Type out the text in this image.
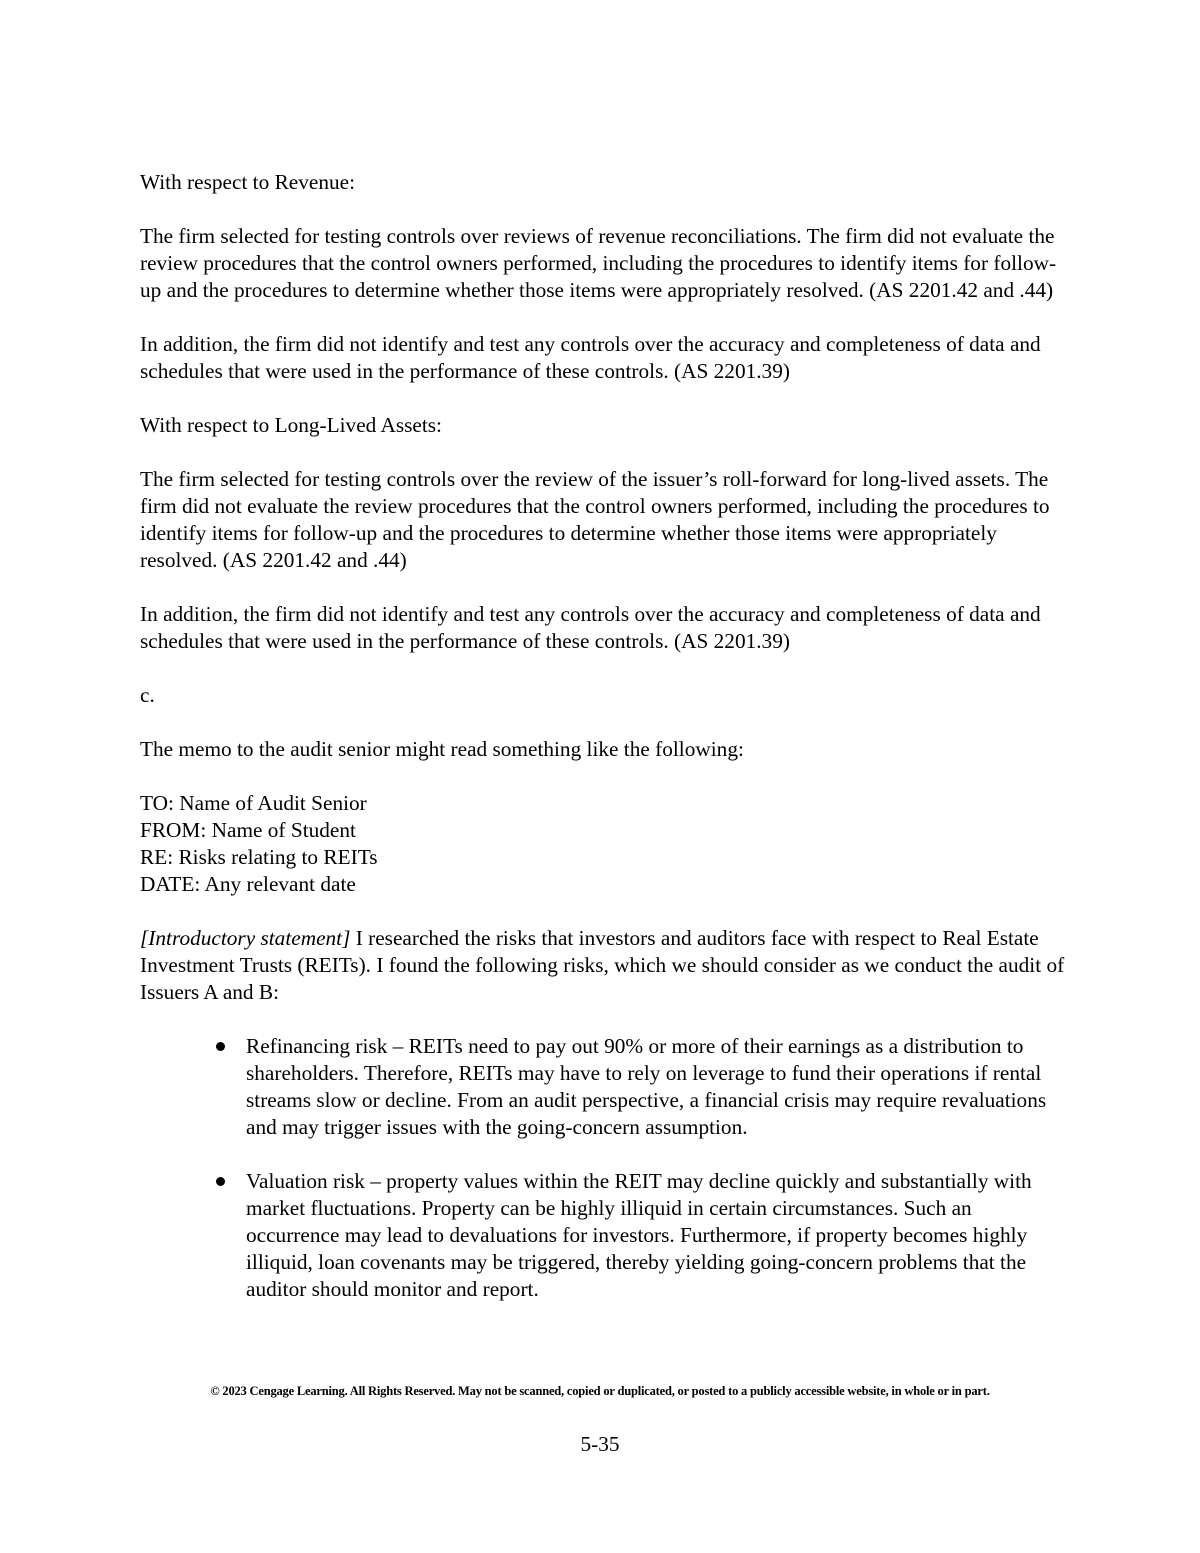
With respect to Revenue:

The firm selected for testing controls over reviews of revenue reconciliations. The firm did not evaluate the review procedures that the control owners performed, including the procedures to identify items for follow-up and the procedures to determine whether those items were appropriately resolved. (AS 2201.42 and .44)

In addition, the firm did not identify and test any controls over the accuracy and completeness of data and schedules that were used in the performance of these controls. (AS 2201.39)

With respect to Long-Lived Assets:

The firm selected for testing controls over the review of the issuer’s roll-forward for long-lived assets. The firm did not evaluate the review procedures that the control owners performed, including the procedures to identify items for follow-up and the procedures to determine whether those items were appropriately resolved. (AS 2201.42 and .44)

In addition, the firm did not identify and test any controls over the accuracy and completeness of data and schedules that were used in the performance of these controls. (AS 2201.39)

c.

The memo to the audit senior might read something like the following:

TO: Name of Audit Senior
FROM: Name of Student
RE: Risks relating to REITs
DATE: Any relevant date

[Introductory statement] I researched the risks that investors and auditors face with respect to Real Estate Investment Trusts (REITs). I found the following risks, which we should consider as we conduct the audit of Issuers A and B:

Refinancing risk – REITs need to pay out 90% or more of their earnings as a distribution to shareholders. Therefore, REITs may have to rely on leverage to fund their operations if rental streams slow or decline. From an audit perspective, a financial crisis may require revaluations and may trigger issues with the going-concern assumption.
Valuation risk – property values within the REIT may decline quickly and substantially with market fluctuations. Property can be highly illiquid in certain circumstances. Such an occurrence may lead to devaluations for investors. Furthermore, if property becomes highly illiquid, loan covenants may be triggered, thereby yielding going-concern problems that the auditor should monitor and report.
© 2023 Cengage Learning. All Rights Reserved. May not be scanned, copied or duplicated, or posted to a publicly accessible website, in whole or in part.
5-35
